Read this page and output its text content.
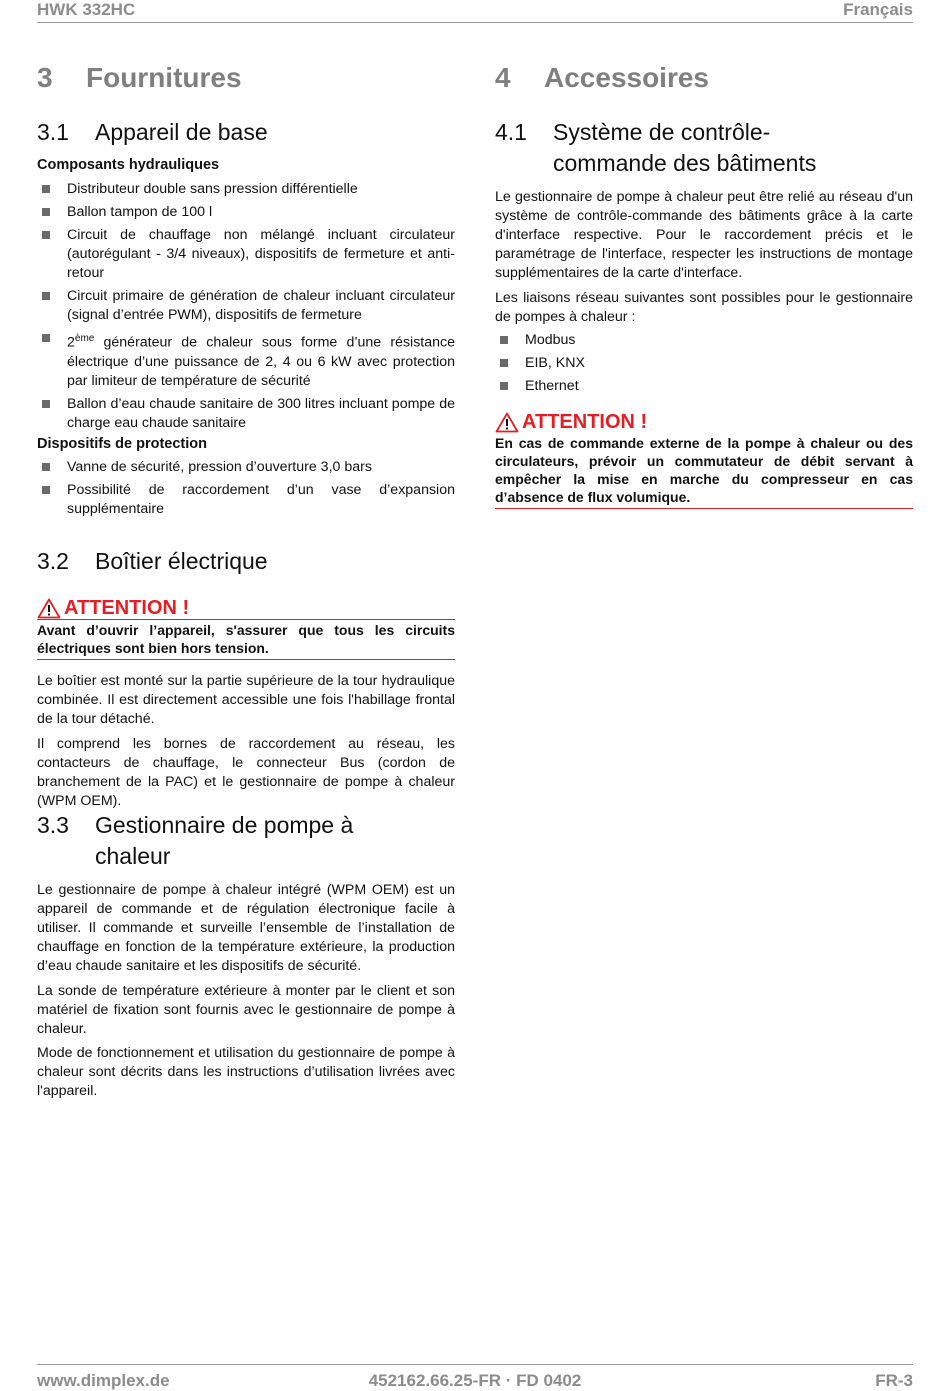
HWK 332HC	Français
3	Fournitures
3.1	Appareil de base
Composants hydrauliques
Distributeur double sans pression différentielle
Ballon tampon de 100 l
Circuit de chauffage non mélangé incluant circulateur (autorégulant - 3/4 niveaux), dispositifs de fermeture et anti-retour
Circuit primaire de génération de chaleur incluant circulateur (signal d’entrée PWM), dispositifs de fermeture
2ème générateur de chaleur sous forme d’une résistance électrique d’une puissance de 2, 4 ou 6 kW avec protection par limiteur de température de sécurité
Ballon d’eau chaude sanitaire de 300 litres incluant pompe de charge eau chaude sanitaire
Dispositifs de protection
Vanne de sécurité, pression d’ouverture 3,0 bars
Possibilité de raccordement d’un vase d’expansion supplémentaire
3.2	Boîtier électrique
ATTENTION !
Avant d’ouvrir l’appareil, s'assurer que tous les circuits électriques sont bien hors tension.

Le boîtier est monté sur la partie supérieure de la tour hydraulique combinée. Il est directement accessible une fois l'habillage frontal de la tour détaché.

Il comprend les bornes de raccordement au réseau, les contacteurs de chauffage, le connecteur Bus (cordon de branchement de la PAC) et le gestionnaire de pompe à chaleur (WPM OEM).

3.3	Gestionnaire de pompe à
chaleur

Le gestionnaire de pompe à chaleur intégré (WPM OEM) est un appareil de commande et de régulation électronique facile à utiliser. Il commande et surveille l’ensemble de l’installation de chauffage en fonction de la température extérieure, la production d’eau chaude sanitaire et les dispositifs de sécurité.

La sonde de température extérieure à monter par le client et son matériel de fixation sont fournis avec le gestionnaire de pompe à chaleur.

Mode de fonctionnement et utilisation du gestionnaire de pompe à chaleur sont décrits dans les instructions d’utilisation livrées avec l'appareil.

4	Accessoires
4.1	Système de contrôle-
commande des bâtiments

Le gestionnaire de pompe à chaleur peut être relié au réseau d'un système de contrôle-commande des bâtiments grâce à la carte d'interface respective. Pour le raccordement précis et le paramétrage de l'interface, respecter les instructions de montage supplémentaires de la carte d'interface.

Les liaisons réseau suivantes sont possibles pour le gestionnaire de pompes à chaleur :

Modbus
EIB, KNX
Ethernet
ATTENTION !
En cas de commande externe de la pompe à chaleur ou des circulateurs, prévoir un commutateur de débit servant à empêcher la mise en marche du compresseur en cas d’absence de flux volumique.
www.dimplex.de	452162.66.25-FR · FD 0402	FR-3
